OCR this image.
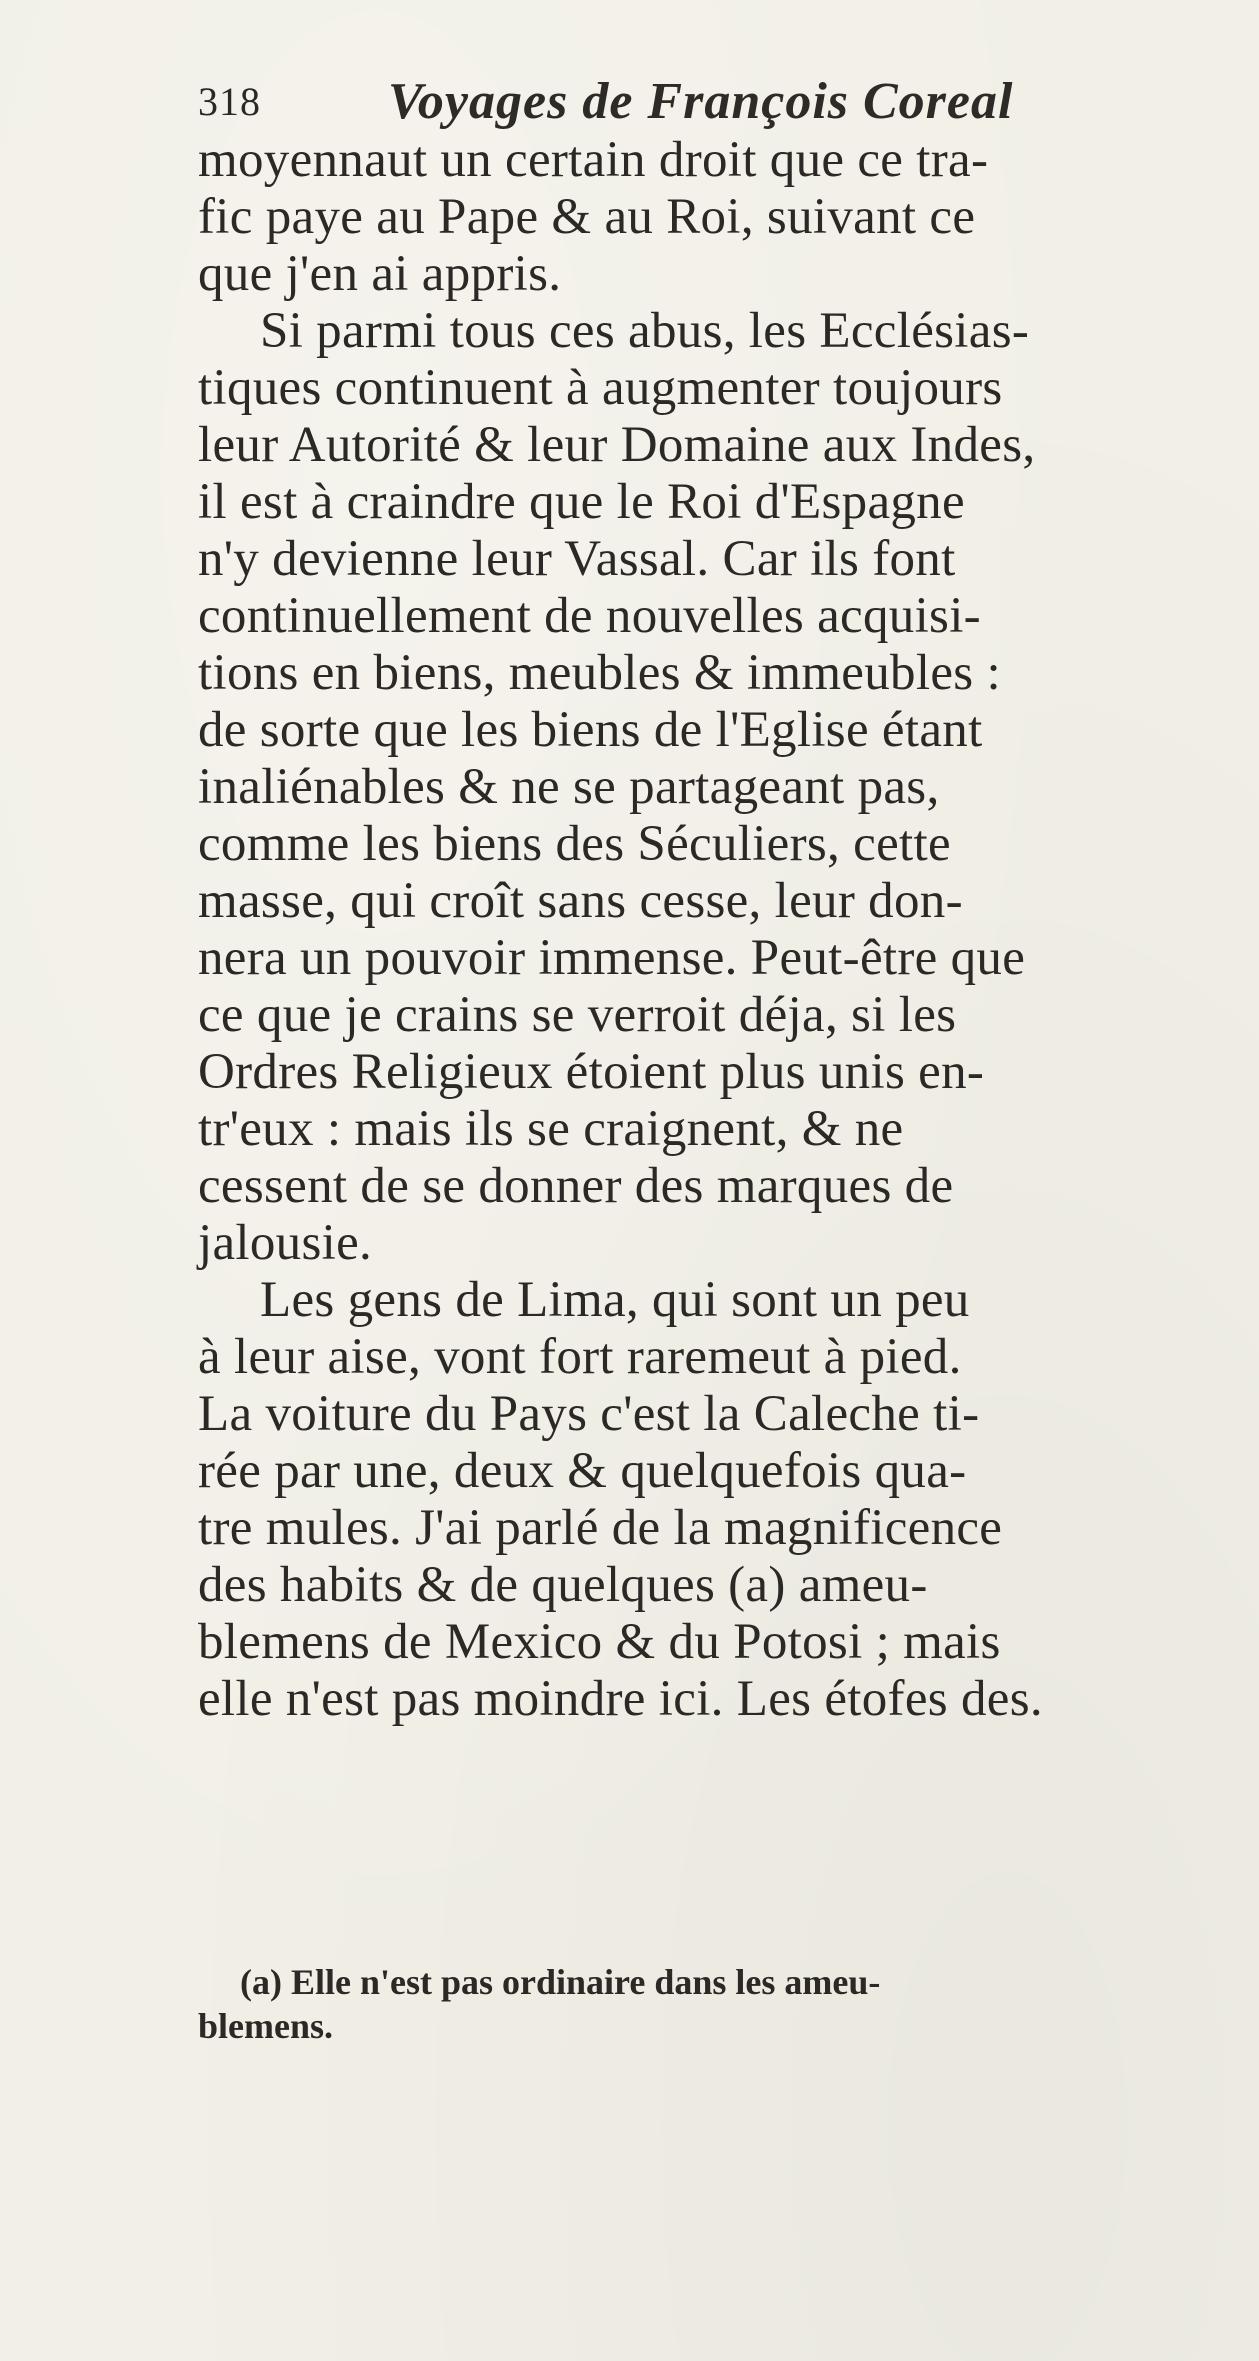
318 Voyages de François Coreal
moyennaut un certain droit que ce tra-
fic paye au Pape & au Roi, suivant ce
que j'en ai appris.
Si parmi tous ces abus, les Ecclésias-
tiques continuent à augmenter toujours
leur Autorité & leur Domaine aux Indes,
il est à craindre que le Roi d'Espagne
n'y devienne leur Vassal. Car ils font
continuellement de nouvelles acquisi-
tions en biens, meubles & immeubles :
de sorte que les biens de l'Eglise étant
inaliénables & ne se partageant pas,
comme les biens des Séculiers, cette
masse, qui croît sans cesse, leur don-
nera un pouvoir immense. Peut-être que
ce que je crains se verroit déja, si les
Ordres Religieux étoient plus unis en-
tr'eux : mais ils se craignent, & ne
cessent de se donner des marques de
jalousie.
Les gens de Lima, qui sont un peu
à leur aise, vont fort raremeut à pied.
La voiture du Pays c'est la Caleche ti-
rée par une, deux & quelquefois qua-
tre mules. J'ai parlé de la magnificence
des habits & de quelques (a) ameu-
blemens de Mexico & du Potosi ; mais
elle n'est pas moindre ici. Les étofes des.
(a) Elle n'est pas ordinaire dans les ameu-
blemens.
